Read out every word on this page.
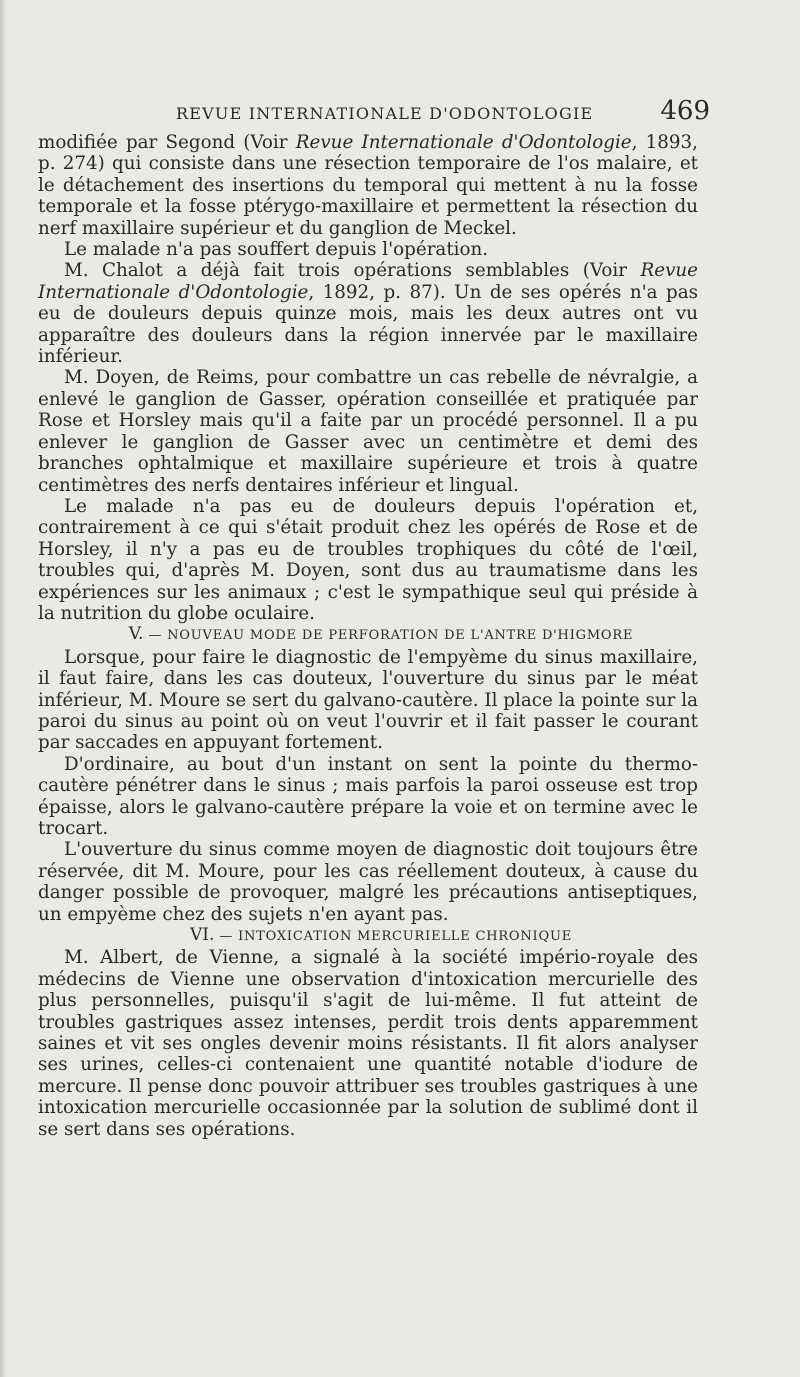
REVUE INTERNATIONALE D'ODONTOLOGIE	469

modifiée par Segond (Voir Revue Internationale d'Odontologie, 1893, p. 274) qui consiste dans une résection temporaire de l'os malaire, et le détachement des insertions du temporal qui mettent à nu la fosse temporale et la fosse ptérygo-maxillaire et permettent la résection du nerf maxillaire supérieur et du ganglion de Meckel.

Le malade n'a pas souffert depuis l'opération.

M. Chalot a déjà fait trois opérations semblables (Voir Revue Internationale d'Odontologie, 1892, p. 87). Un de ses opérés n'a pas eu de douleurs depuis quinze mois, mais les deux autres ont vu apparaître des douleurs dans la région innervée par le maxillaire inférieur.

M. Doyen, de Reims, pour combattre un cas rebelle de névralgie, a enlevé le ganglion de Gasser, opération conseillée et pratiquée par Rose et Horsley mais qu'il a faite par un procédé personnel. Il a pu enlever le ganglion de Gasser avec un centimètre et demi des branches ophtalmique et maxillaire supérieure et trois à quatre centimètres des nerfs dentaires inférieur et lingual.

Le malade n'a pas eu de douleurs depuis l'opération et, contrairement à ce qui s'était produit chez les opérés de Rose et de Horsley, il n'y a pas eu de troubles trophiques du côté de l'œil, troubles qui, d'après M. Doyen, sont dus au traumatisme dans les expériences sur les animaux ; c'est le sympathique seul qui préside à la nutrition du globe oculaire.

V. — NOUVEAU MODE DE PERFORATION DE L'ANTRE D'HIGMORE

Lorsque, pour faire le diagnostic de l'empyème du sinus maxillaire, il faut faire, dans les cas douteux, l'ouverture du sinus par le méat inférieur, M. Moure se sert du galvano-cautère. Il place la pointe sur la paroi du sinus au point où on veut l'ouvrir et il fait passer le courant par saccades en appuyant fortement.

D'ordinaire, au bout d'un instant on sent la pointe du thermo-cautère pénétrer dans le sinus ; mais parfois la paroi osseuse est trop épaisse, alors le galvano-cautère prépare la voie et on termine avec le trocart.

L'ouverture du sinus comme moyen de diagnostic doit toujours être réservée, dit M. Moure, pour les cas réellement douteux, à cause du danger possible de provoquer, malgré les précautions antiseptiques, un empyème chez des sujets n'en ayant pas.

VI. — INTOXICATION MERCURIELLE CHRONIQUE

M. Albert, de Vienne, a signalé à la société império-royale des médecins de Vienne une observation d'intoxication mercurielle des plus personnelles, puisqu'il s'agit de lui-même. Il fut atteint de troubles gastriques assez intenses, perdit trois dents apparemment saines et vit ses ongles devenir moins résistants. Il fit alors analyser ses urines, celles-ci contenaient une quantité notable d'iodure de mercure. Il pense donc pouvoir attribuer ses troubles gastriques à une intoxication mercurielle occasionnée par la solution de sublimé dont il se sert dans ses opérations.
